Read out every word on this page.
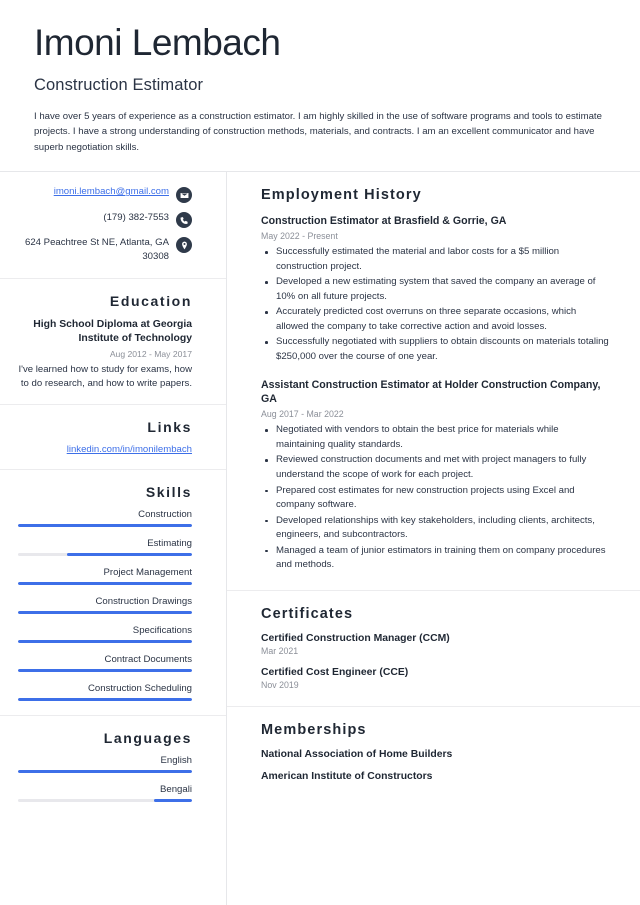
Imoni Lembach
Construction Estimator
I have over 5 years of experience as a construction estimator. I am highly skilled in the use of software programs and tools to estimate projects. I have a strong understanding of construction methods, materials, and contracts. I am an excellent communicator and have superb negotiation skills.
imoni.lembach@gmail.com
(179) 382-7553
624 Peachtree St NE, Atlanta, GA 30308
Education
High School Diploma at Georgia Institute of Technology
Aug 2012 - May 2017
I've learned how to study for exams, how to do research, and how to write papers.
Links
linkedin.com/in/imonilembach
Skills
Construction
Estimating
Project Management
Construction Drawings
Specifications
Contract Documents
Construction Scheduling
Languages
English
Bengali
Employment History
Construction Estimator at Brasfield & Gorrie, GA
May 2022 - Present
Successfully estimated the material and labor costs for a $5 million construction project.
Developed a new estimating system that saved the company an average of 10% on all future projects.
Accurately predicted cost overruns on three separate occasions, which allowed the company to take corrective action and avoid losses.
Successfully negotiated with suppliers to obtain discounts on materials totaling $250,000 over the course of one year.
Assistant Construction Estimator at Holder Construction Company, GA
Aug 2017 - Mar 2022
Negotiated with vendors to obtain the best price for materials while maintaining quality standards.
Reviewed construction documents and met with project managers to fully understand the scope of work for each project.
Prepared cost estimates for new construction projects using Excel and company software.
Developed relationships with key stakeholders, including clients, architects, engineers, and subcontractors.
Managed a team of junior estimators in training them on company procedures and methods.
Certificates
Certified Construction Manager (CCM)
Mar 2021
Certified Cost Engineer (CCE)
Nov 2019
Memberships
National Association of Home Builders
American Institute of Constructors
